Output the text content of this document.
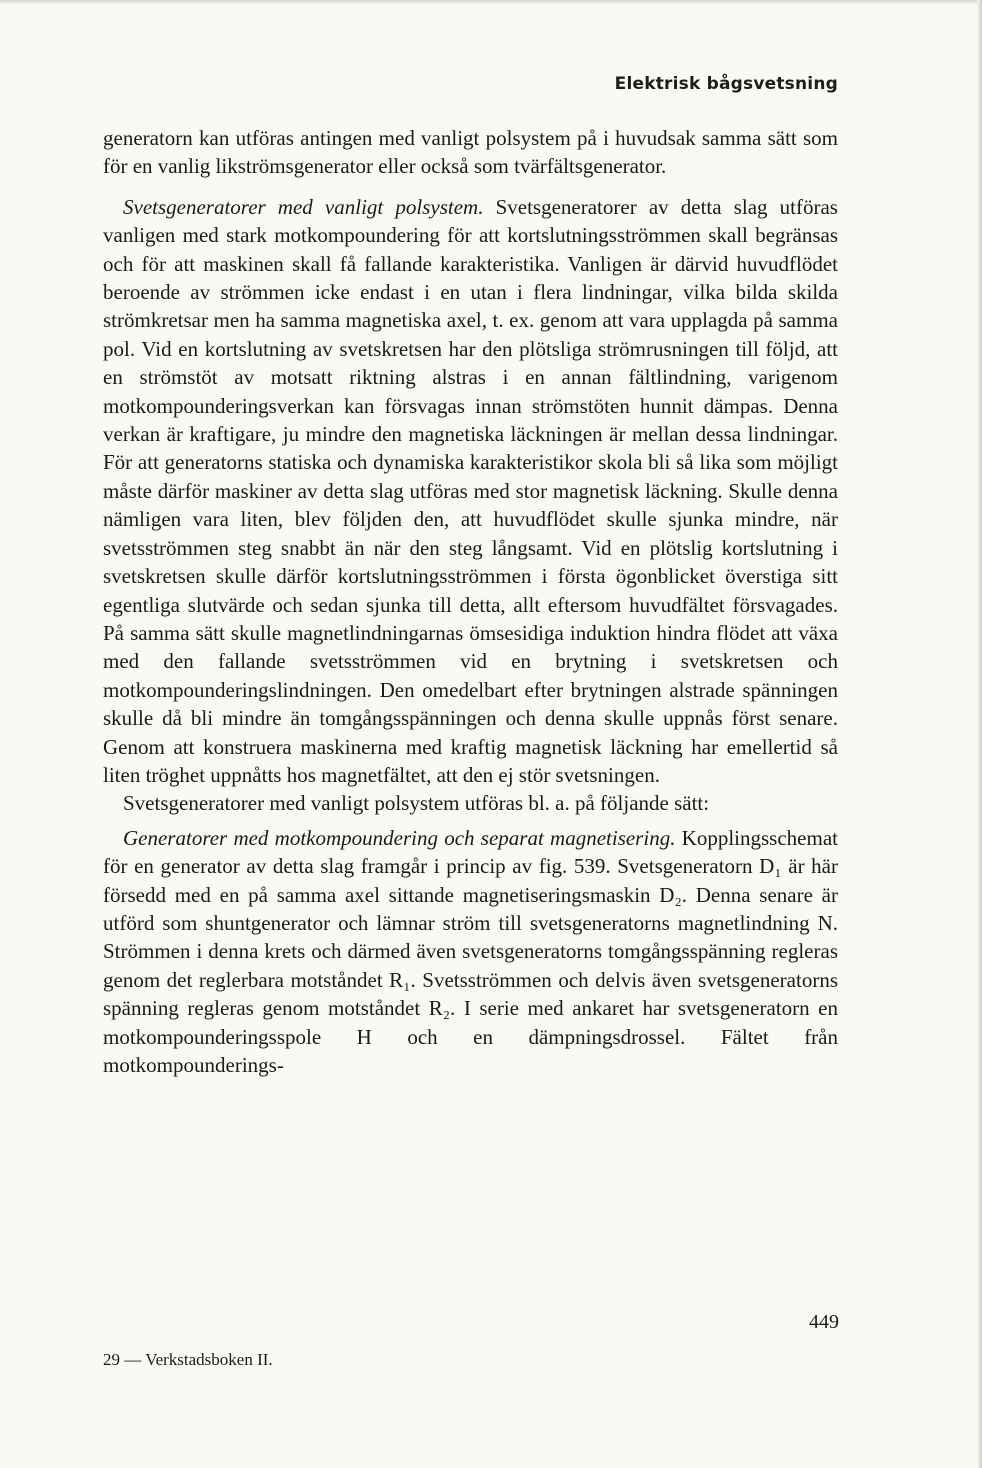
Elektrisk bågsvetsning

generatorn kan utföras antingen med vanligt polsystem på i huvudsak samma sätt som för en vanlig likströmsgenerator eller också som tvärfältsgenerator.

Svetsgeneratorer med vanligt polsystem. Svetsgeneratorer av detta slag utföras vanligen med stark motkompoundering för att kortslutningsströmmen skall begränsas och för att maskinen skall få fallande karakteristika. Vanligen är därvid huvudflödet beroende av strömmen icke endast i en utan i flera lindningar, vilka bilda skilda strömkretsar men ha samma magnetiska axel, t. ex. genom att vara upplagda på samma pol. Vid en kortslutning av svetskretsen har den plötsliga strömrusningen till följd, att en strömstöt av motsatt riktning alstras i en annan fältlindning, varigenom motkompounderingsverkan kan försvagas innan strömstöten hunnit dämpas. Denna verkan är kraftigare, ju mindre den magnetiska läckningen är mellan dessa lindningar. För att generatorns statiska och dynamiska karakteristikor skola bli så lika som möjligt måste därför maskiner av detta slag utföras med stor magnetisk läckning. Skulle denna nämligen vara liten, blev följden den, att huvudflödet skulle sjunka mindre, när svetsströmmen steg snabbt än när den steg långsamt. Vid en plötslig kortslutning i svetskretsen skulle därför kortslutningsströmmen i första ögonblicket överstiga sitt egentliga slutvärde och sedan sjunka till detta, allt eftersom huvudfältet försvagades. På samma sätt skulle magnetlindningarnas ömsesidiga induktion hindra flödet att växa med den fallande svetsströmmen vid en brytning i svetskretsen och motkompounderingslindningen. Den omedelbart efter brytningen alstrade spänningen skulle då bli mindre än tomgångsspänningen och denna skulle uppnås först senare. Genom att konstruera maskinerna med kraftig magnetisk läckning har emellertid så liten tröghet uppnåtts hos magnetfältet, att den ej stör svetsningen.

Svetsgeneratorer med vanligt polsystem utföras bl. a. på följande sätt:

Generatorer med motkompoundering och separat magnetisering. Kopplingsschemat för en generator av detta slag framgår i princip av fig. 539. Svetsgeneratorn D₁ är här försedd med en på samma axel sittande magnetiseringsmaskin D₂. Denna senare är utförd som shuntgenerator och lämnar ström till svetsgeneratorns magnetlindning N. Strömmen i denna krets och därmed även svetsgeneratorns tomgångsspänning regleras genom det reglerbara motståndet R₁. Svetsströmmen och delvis även svetsgeneratorns spänning regleras genom motståndet R₂. I serie med ankaret har svetsgeneratorn en motkompounderingsspole H och en dämpningsdrossel. Fältet från motkompounderings-

449
29 — Verkstadsboken II.
